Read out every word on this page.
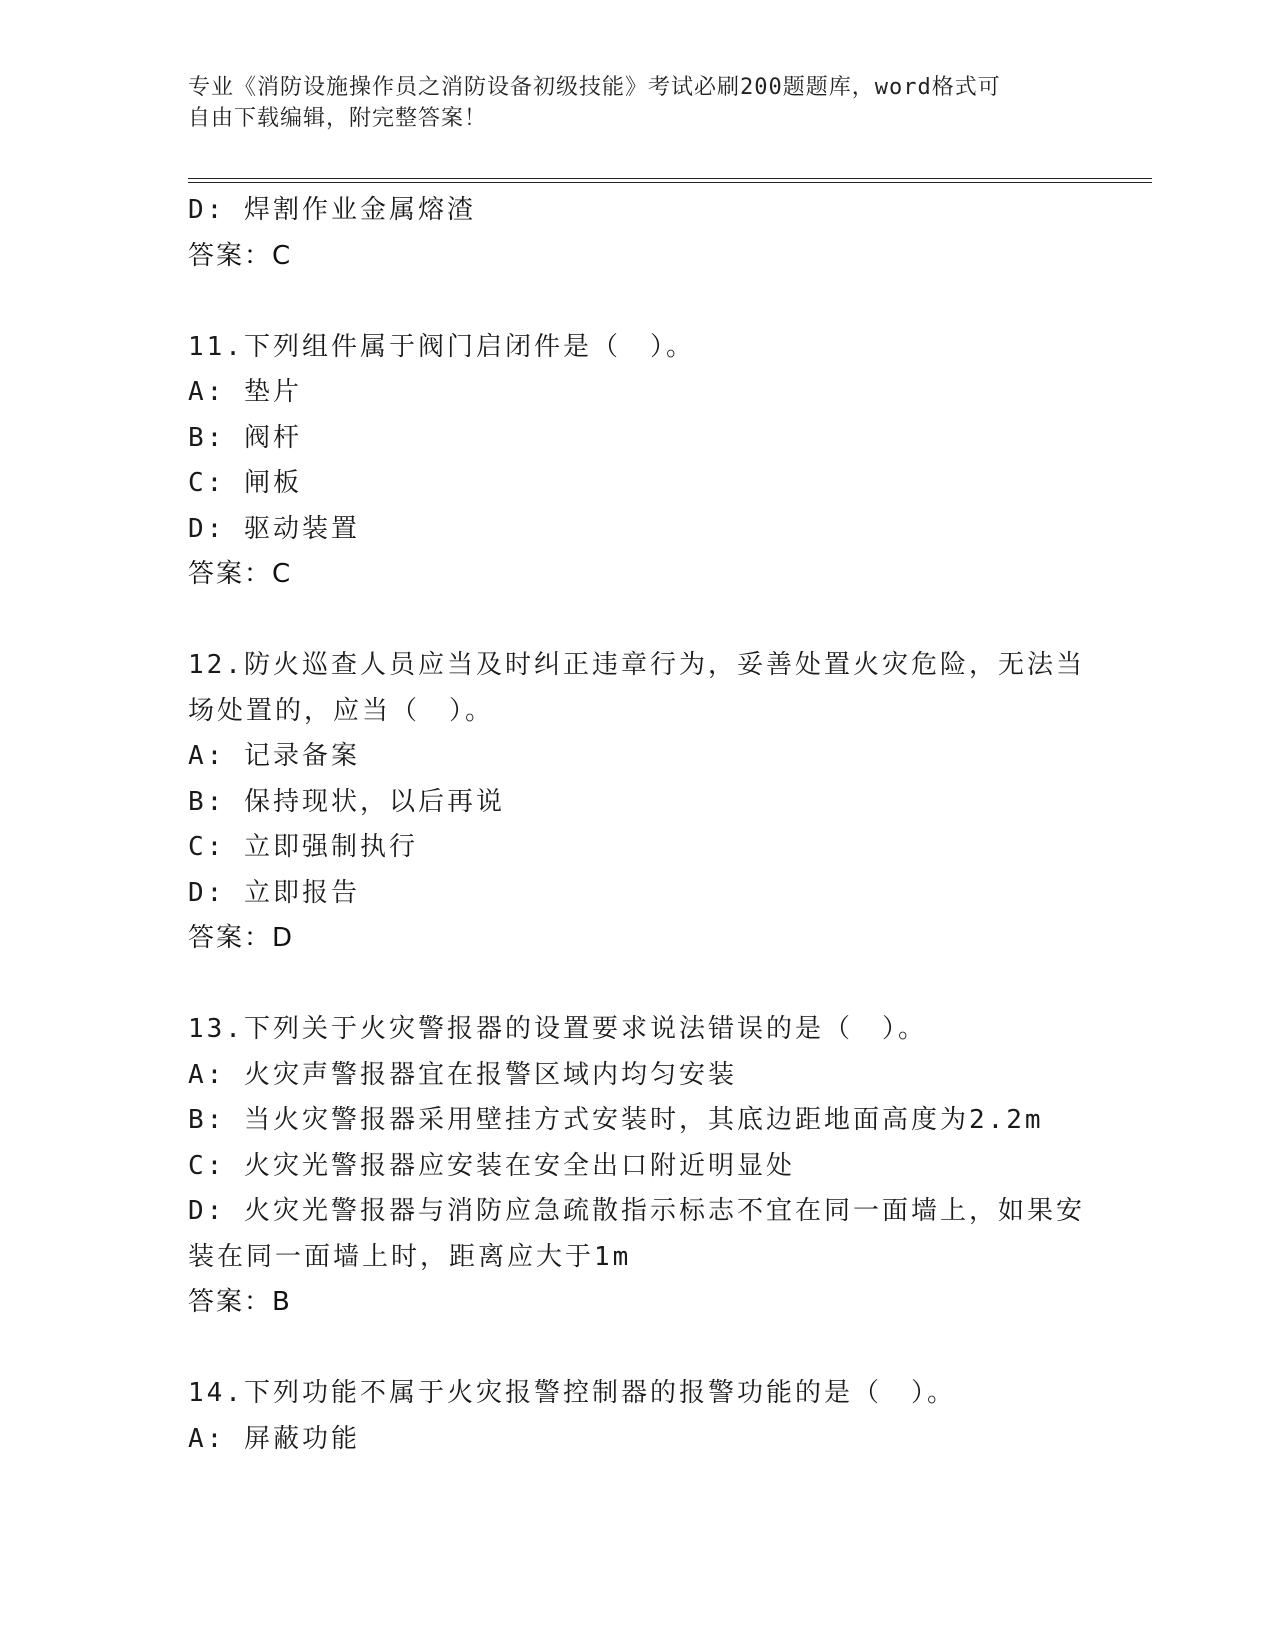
专业《消防设施操作员之消防设备初级技能》考试必刷200题题库，word格式可
自由下载编辑，附完整答案！
D: 焊割作业金属熔渣
答案：C
11.下列组件属于阀门启闭件是（　）。
A: 垫片
B: 阀杆
C: 闸板
D: 驱动装置
答案：C
12.防火巡查人员应当及时纠正违章行为，妥善处置火灾危险，无法当
场处置的，应当（　）。
A: 记录备案
B: 保持现状，以后再说
C: 立即强制执行
D: 立即报告
答案：D
13.下列关于火灾警报器的设置要求说法错误的是（　）。
A: 火灾声警报器宜在报警区域内均匀安装
B: 当火灾警报器采用壁挂方式安装时，其底边距地面高度为2.2m
C: 火灾光警报器应安装在安全出口附近明显处
D: 火灾光警报器与消防应急疏散指示标志不宜在同一面墙上，如果安
装在同一面墙上时，距离应大于1m
答案：B
14.下列功能不属于火灾报警控制器的报警功能的是（　）。
A: 屏蔽功能
